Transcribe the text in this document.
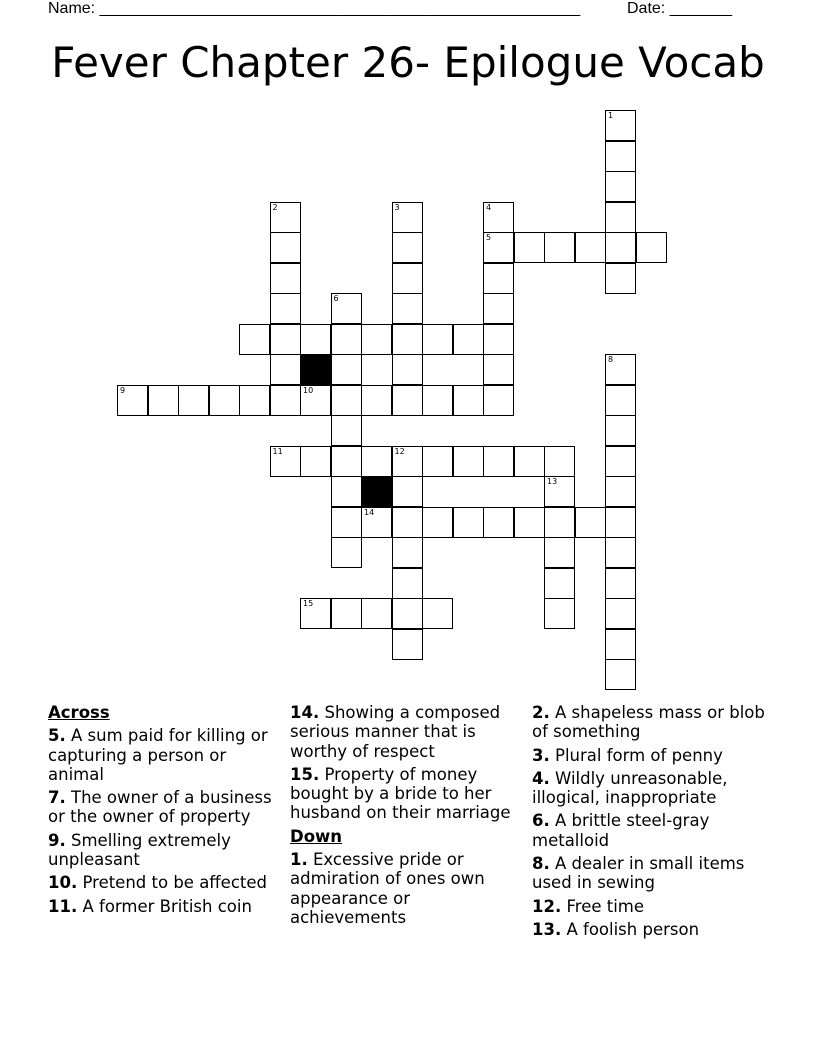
Name: ______________________________________________________	Date: _______
Fever Chapter 26- Epilogue Vocab
1
2	3	4
5
6
9	10
11	12
14
8
13
15
Across
5. A sum paid for killing or capturing a person or animal
7. The owner of a business or the owner of property
9. Smelling extremely unpleasant
10. Pretend to be affected
11. A former British coin
14. Showing a composed serious manner that is worthy of respect
15. Property of money bought by a bride to her husband on their marriage
Down
1. Excessive pride or admiration of ones own appearance or achievements
2. A shapeless mass or blob of something
3. Plural form of penny
4. Wildly unreasonable, illogical, inappropriate
6. A brittle steel-gray metalloid
8. A dealer in small items used in sewing
12. Free time
13. A foolish person
